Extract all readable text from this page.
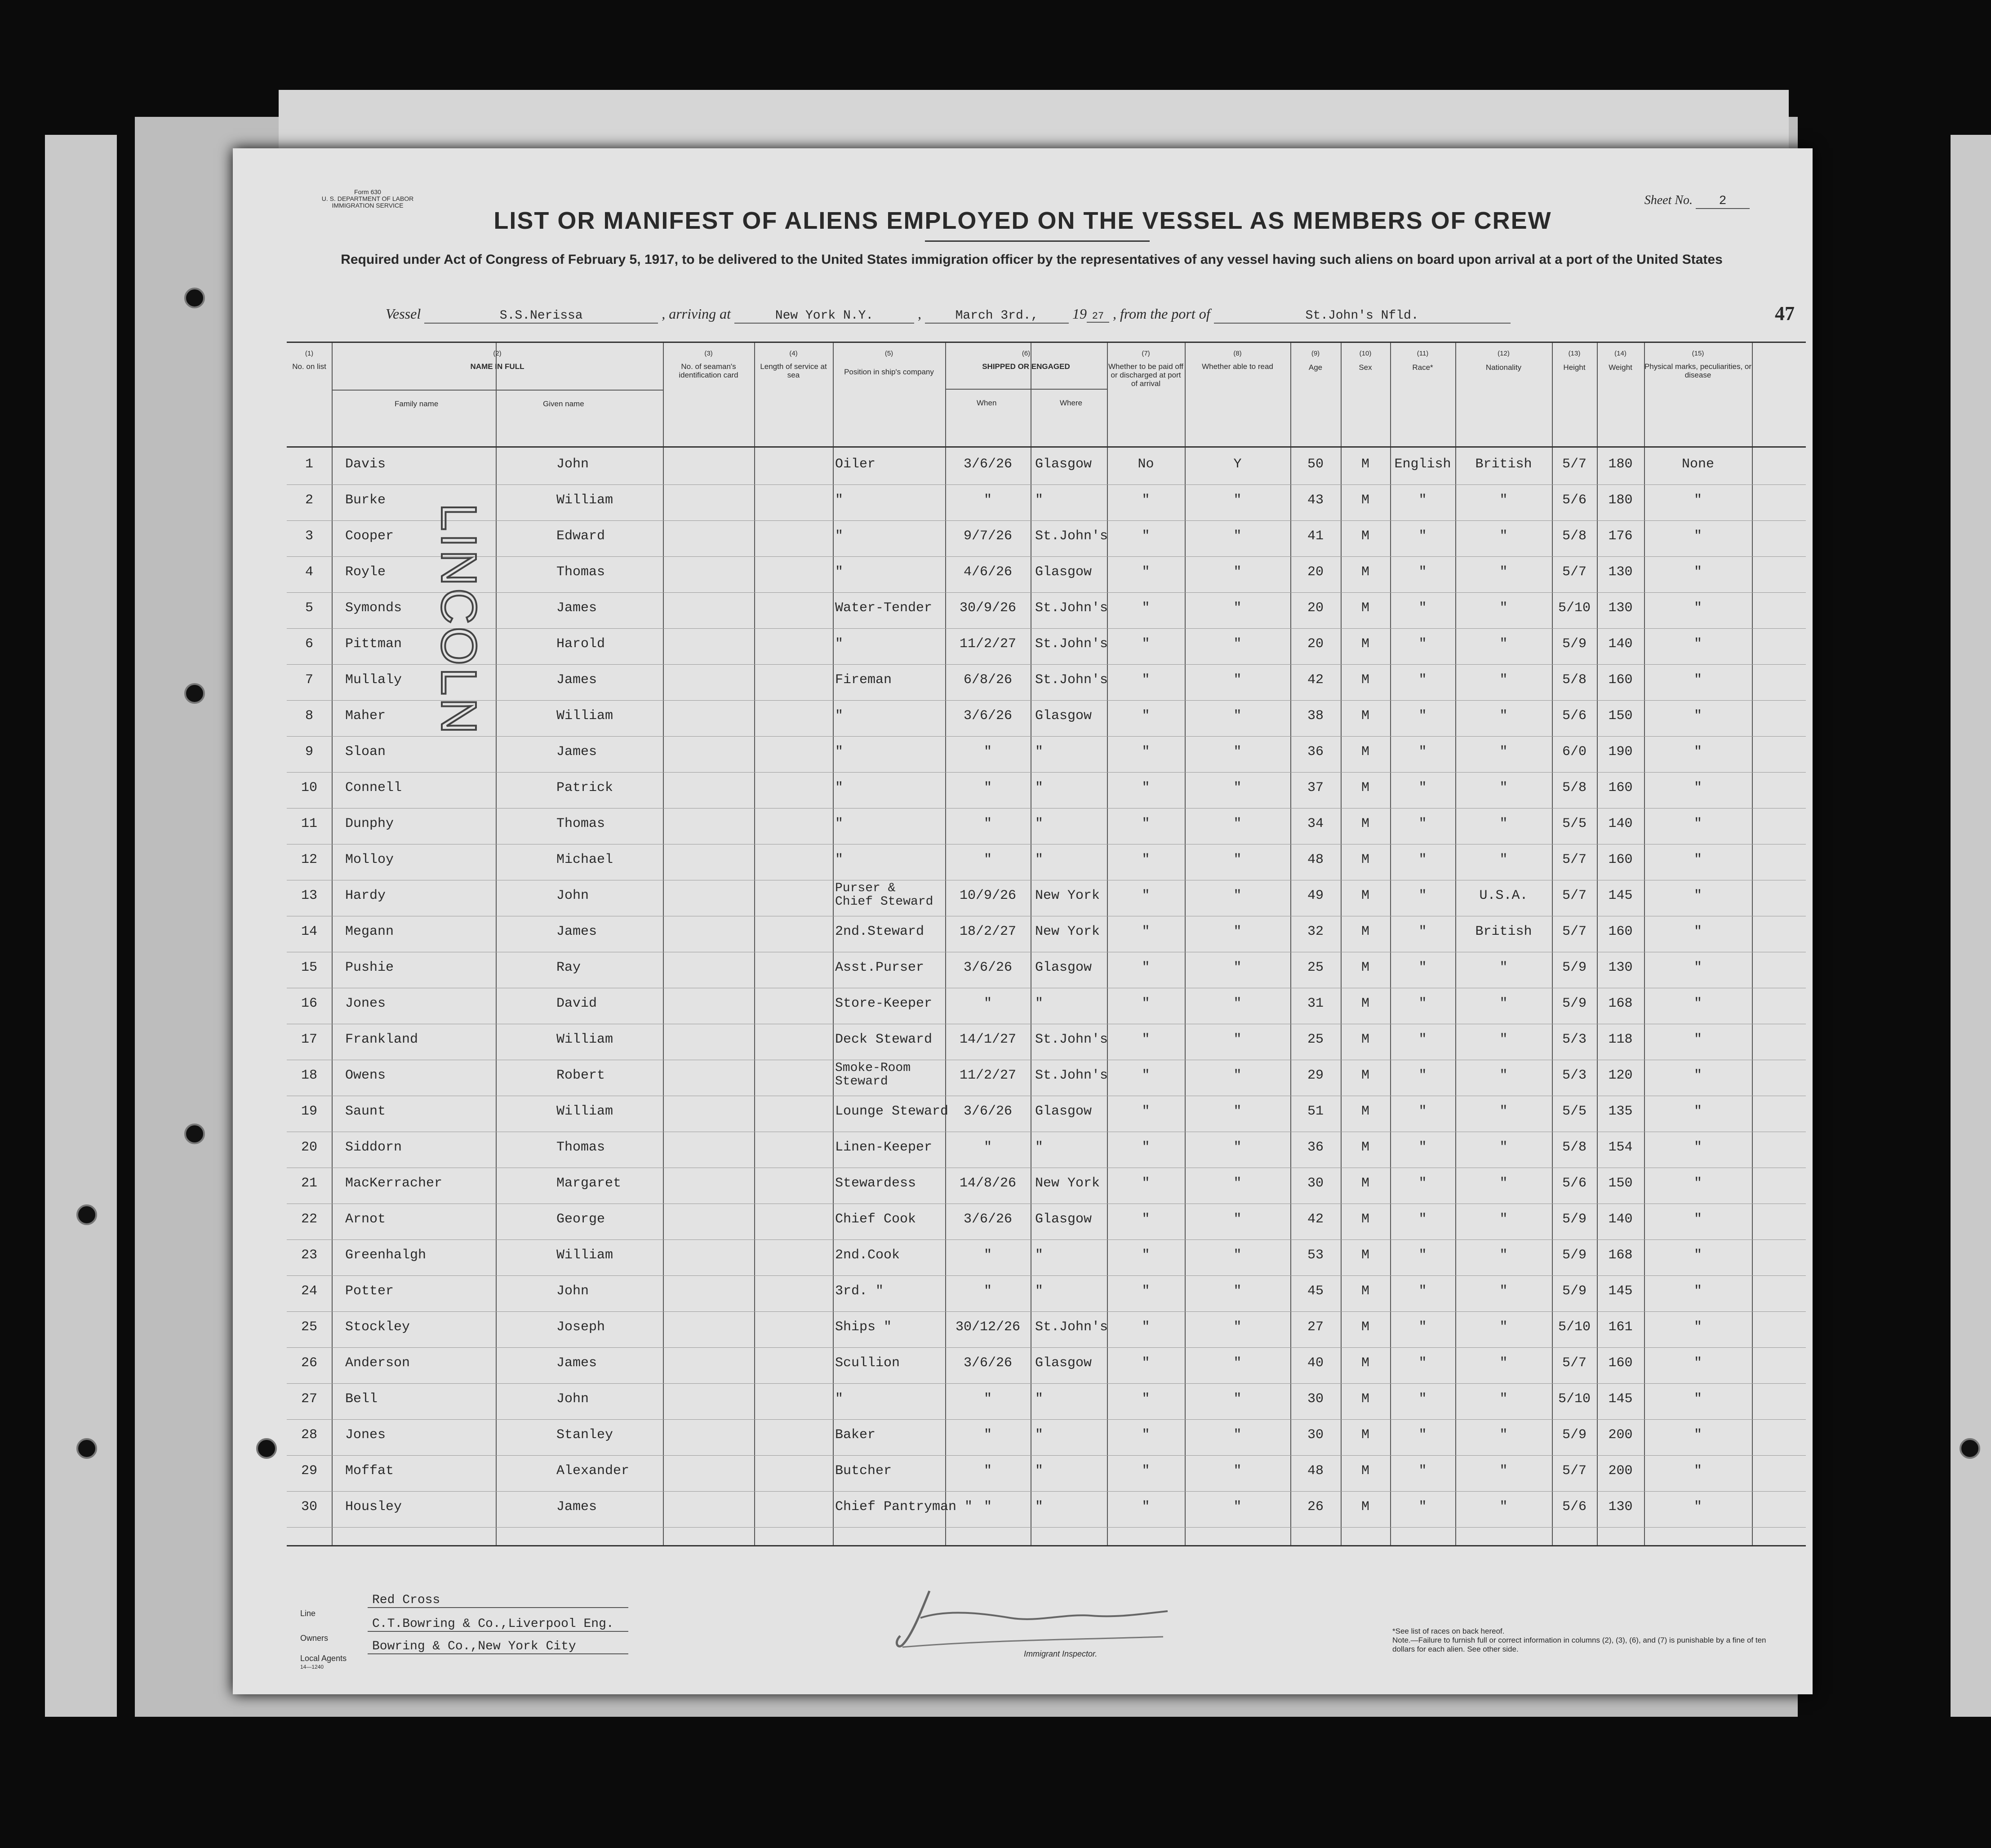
Form 630
U. S. DEPARTMENT OF LABOR
IMMIGRATION SERVICE	Sheet No. 2
LIST OR MANIFEST OF ALIENS EMPLOYED ON THE VESSEL AS MEMBERS OF CREW
Required under Act of Congress of February 5, 1917, to be delivered to the United States immigration officer by the representatives of any vessel having such aliens on board upon arrival at a port of the United States
Vessel	S.S.Nerissa	, arriving at	New York N.Y.	, March 3rd., 19 27 , from the port of	St.John's Nfld.	47
(1)
No. on list
(2)
NAME IN FULL
Family name	Given name
(3)
No. of seaman's identification card
(4)
Length of service at sea
(5)
Position in ship's company
(6)
SHIPPED OR ENGAGED
When	Where
(7)
Whether to be paid off or discharged at port of arrival
(8)
Whether able to read
(9)
Age
(10)
Sex
(11)
Race*
(12)
Nationality
(13)
Height
(14)
Weight
(15)
Physical marks, peculiarities, or disease
1	Davis	John	Oiler	3/6/26	Glasgow	No	Y	50	M	English	British	5/7	180	None
2	Burke	William	"	"	"	"	"	43	M	"	"	5/6	180	"
3	Cooper	Edward	"	9/7/26	St.John's	"	"	41	M	"	"	5/8	176	"
4	Royle	Thomas	"	4/6/26	Glasgow	"	"	20	M	"	"	5/7	130	"
5	Symonds	James	Water-Tender	30/9/26	St.John's	"	"	20	M	"	"	5/10	130	"
6	Pittman	Harold	"	11/2/27	St.John's	"	"	20	M	"	"	5/9	140	"
7	Mullaly	James	Fireman	6/8/26	St.John's	"	"	42	M	"	"	5/8	160	"
8	Maher	William	"	3/6/26	Glasgow	"	"	38	M	"	"	5/6	150	"
9	Sloan	James	"	"	"	"	"	36	M	"	"	6/0	190	"
10	Connell	Patrick	"	"	"	"	"	37	M	"	"	5/8	160	"
11	Dunphy	Thomas	"	"	"	"	"	34	M	"	"	5/5	140	"
12	Molloy	Michael	"	"	"	"	"	48	M	"	"	5/7	160	"
13	Hardy	John	Purser &
Chief Steward	10/9/26	New York	"	"	49	M	"	U.S.A.	5/7	145	"
14	Megann	James	2nd.Steward	18/2/27	New York	"	"	32	M	"	British	5/7	160	"
15	Pushie	Ray	Asst.Purser	3/6/26	Glasgow	"	"	25	M	"	"	5/9	130	"
16	Jones	David	Store-Keeper	"	"	"	"	31	M	"	"	5/9	168	"
17	Frankland	William	Deck Steward	14/1/27	St.John's	"	"	25	M	"	"	5/3	118	"
18	Owens	Robert	Smoke-Room
Steward	11/2/27	St.John's	"	"	29	M	"	"	5/3	120	"
19	Saunt	William	Lounge Steward	3/6/26	Glasgow	"	"	51	M	"	"	5/5	135	"
20	Siddorn	Thomas	Linen-Keeper	"	"	"	"	36	M	"	"	5/8	154	"
21	MacKerracher	Margaret	Stewardess	14/8/26	New York	"	"	30	M	"	"	5/6	150	"
22	Arnot	George	Chief Cook	3/6/26	Glasgow	"	"	42	M	"	"	5/9	140	"
23	Greenhalgh	William	2nd.Cook	"	"	"	"	53	M	"	"	5/9	168	"
24	Potter	John	3rd. "	"	"	"	"	45	M	"	"	5/9	145	"
25	Stockley	Joseph	Ships "	30/12/26	St.John's	"	"	27	M	"	"	5/10	161	"
26	Anderson	James	Scullion	3/6/26	Glasgow	"	"	40	M	"	"	5/7	160	"
27	Bell	John	"	"	"	"	"	30	M	"	"	5/10	145	"
28	Jones	Stanley	Baker	"	"	"	"	30	M	"	"	5/9	200	"
29	Moffat	Alexander	Butcher	"	"	"	"	48	M	"	"	5/7	200	"
30	Housley	James	Chief Pantryman " "	"	"	"	26	M	"	"	5/6	130	"
LINCOLN
Line
Red Cross
Owners
C.T.Bowring & Co.,Liverpool Eng.
Local Agents
14—1240
Bowring & Co.,New York City
Immigrant Inspector.
*See list of races on back hereof.
Note.—Failure to furnish full or correct information in columns (2), (3), (6), and (7) is punishable by a fine of ten dollars for each alien. See other side.
